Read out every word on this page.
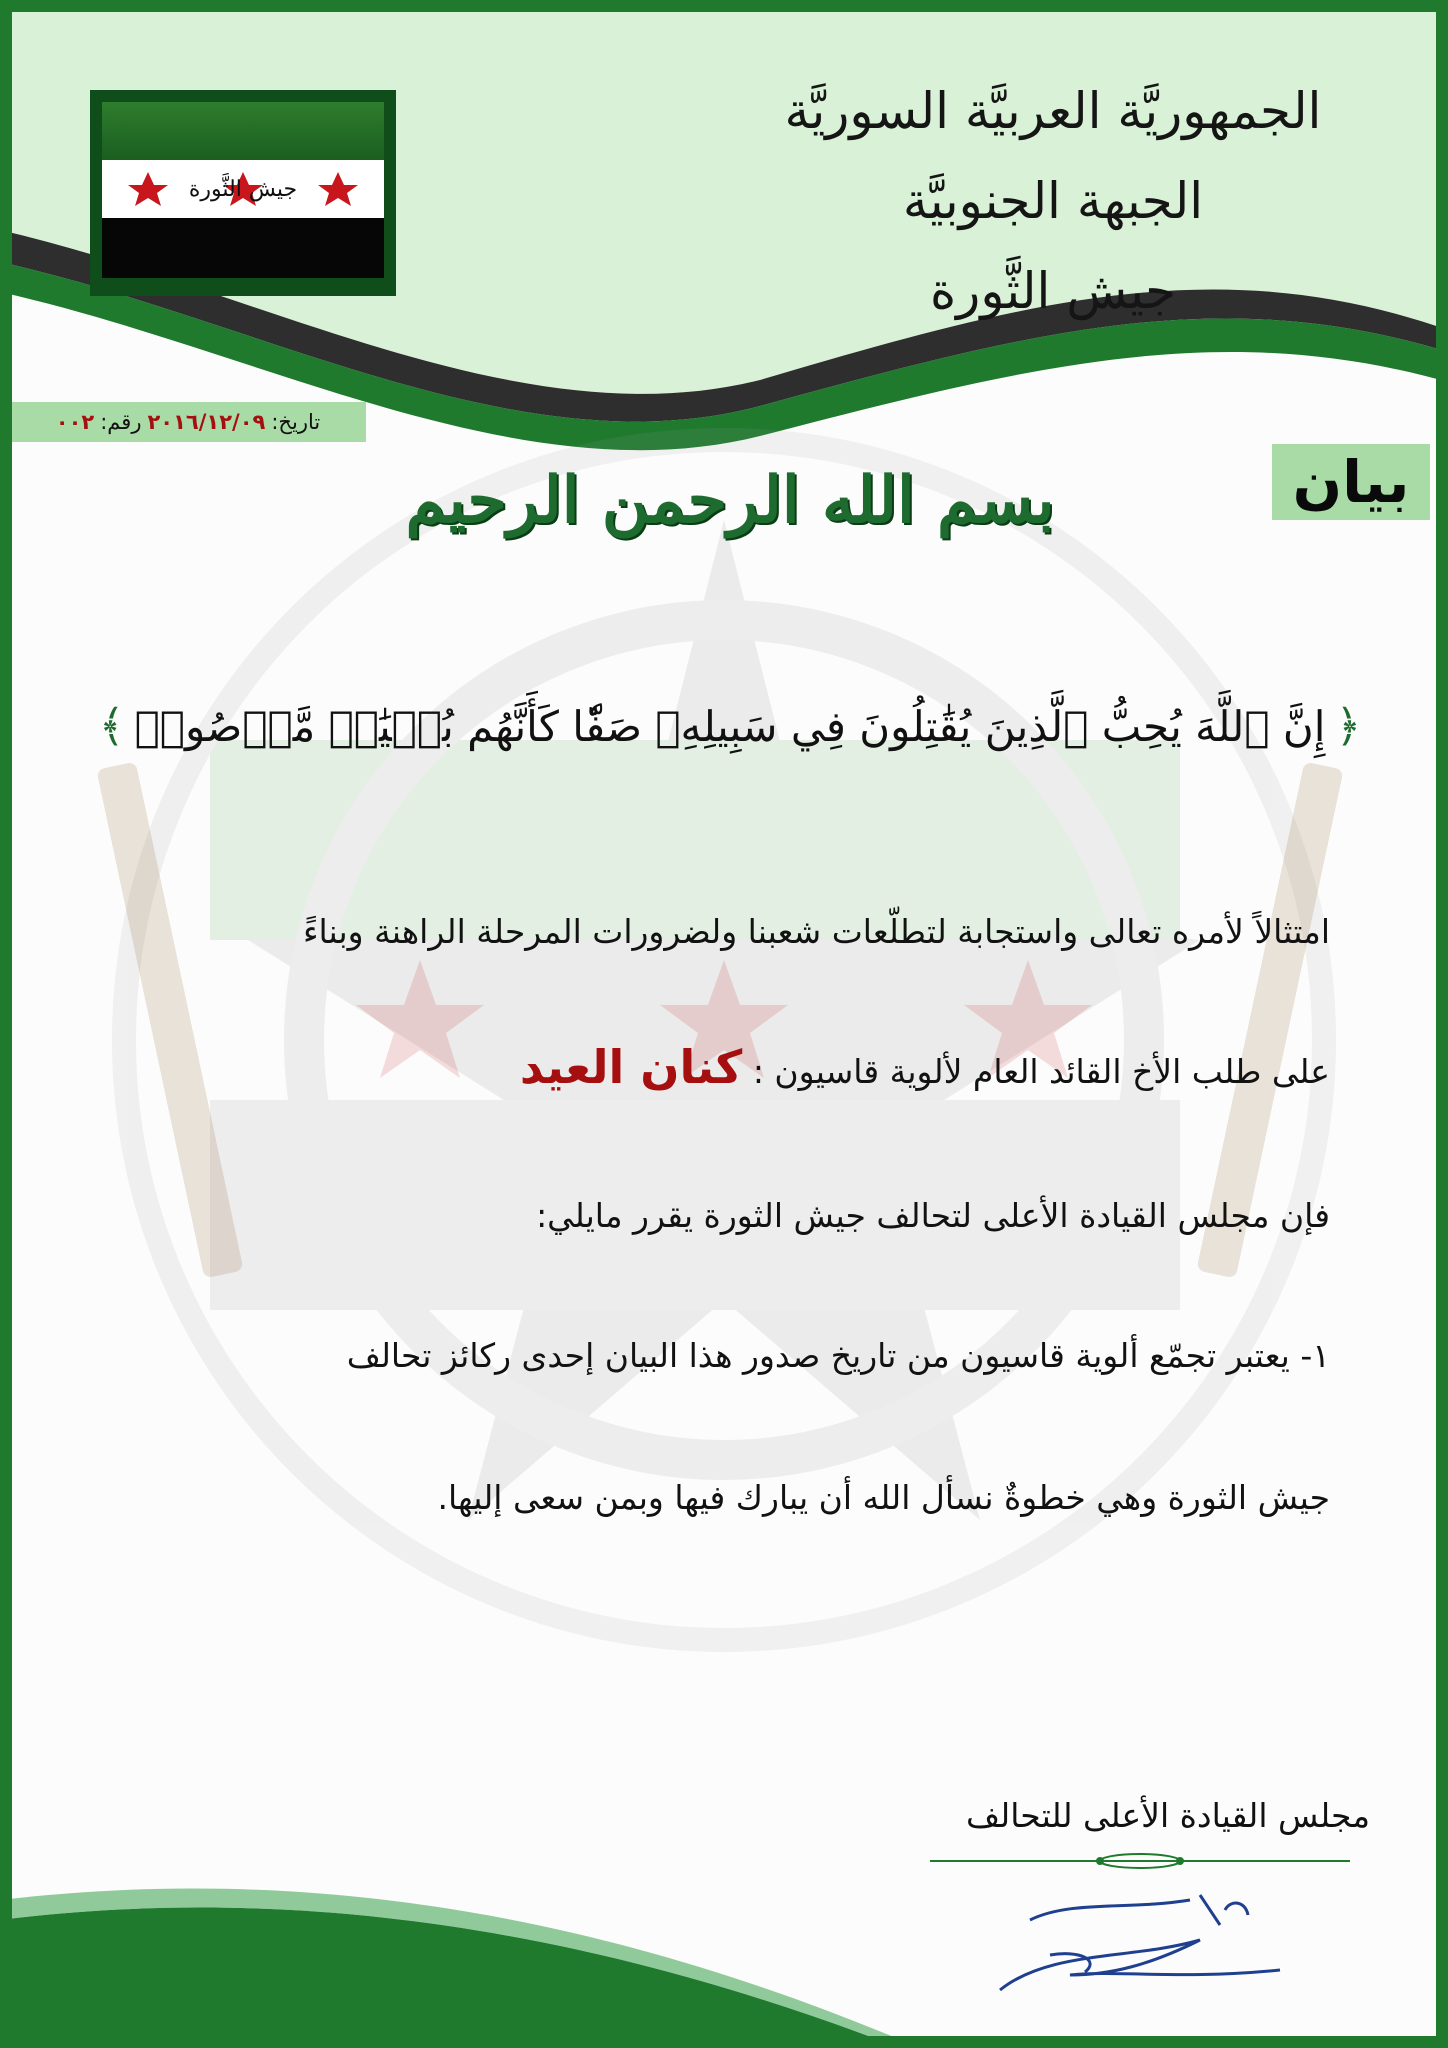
الجمهوريَّة العربيَّة السوريَّة
الجبهة الجنوبيَّة
جيش الثَّورة
جيش الثَّورة
تاريخ:
٢٠١٦/١٢/٠٩
رقم:
٠٠٢
بيان
بسم الله الرحمن الرحيم
﴿
إِنَّ ٱللَّهَ يُحِبُّ ٱلَّذِينَ يُقَٰتِلُونَ فِي سَبِيلِهِۦ صَفّٗا كَأَنَّهُم بُنۡيَٰنٞ مَّرۡصُوصٞ
﴾
امتثالاً لأمره تعالى واستجابة لتطلّعات شعبنا ولضرورات المرحلة الراهنة وبناءً
على طلب الأخ القائد العام لألوية قاسيون : كنان العيد
فإن مجلس القيادة الأعلى لتحالف جيش الثورة يقرر مايلي:
١- يعتبر تجمّع ألوية قاسيون من تاريخ صدور هذا البيان إحدى ركائز تحالف
جيش الثورة وهي خطوةٌ نسأل الله أن يبارك فيها وبمن سعى إليها.
مجلس القيادة الأعلى للتحالف
